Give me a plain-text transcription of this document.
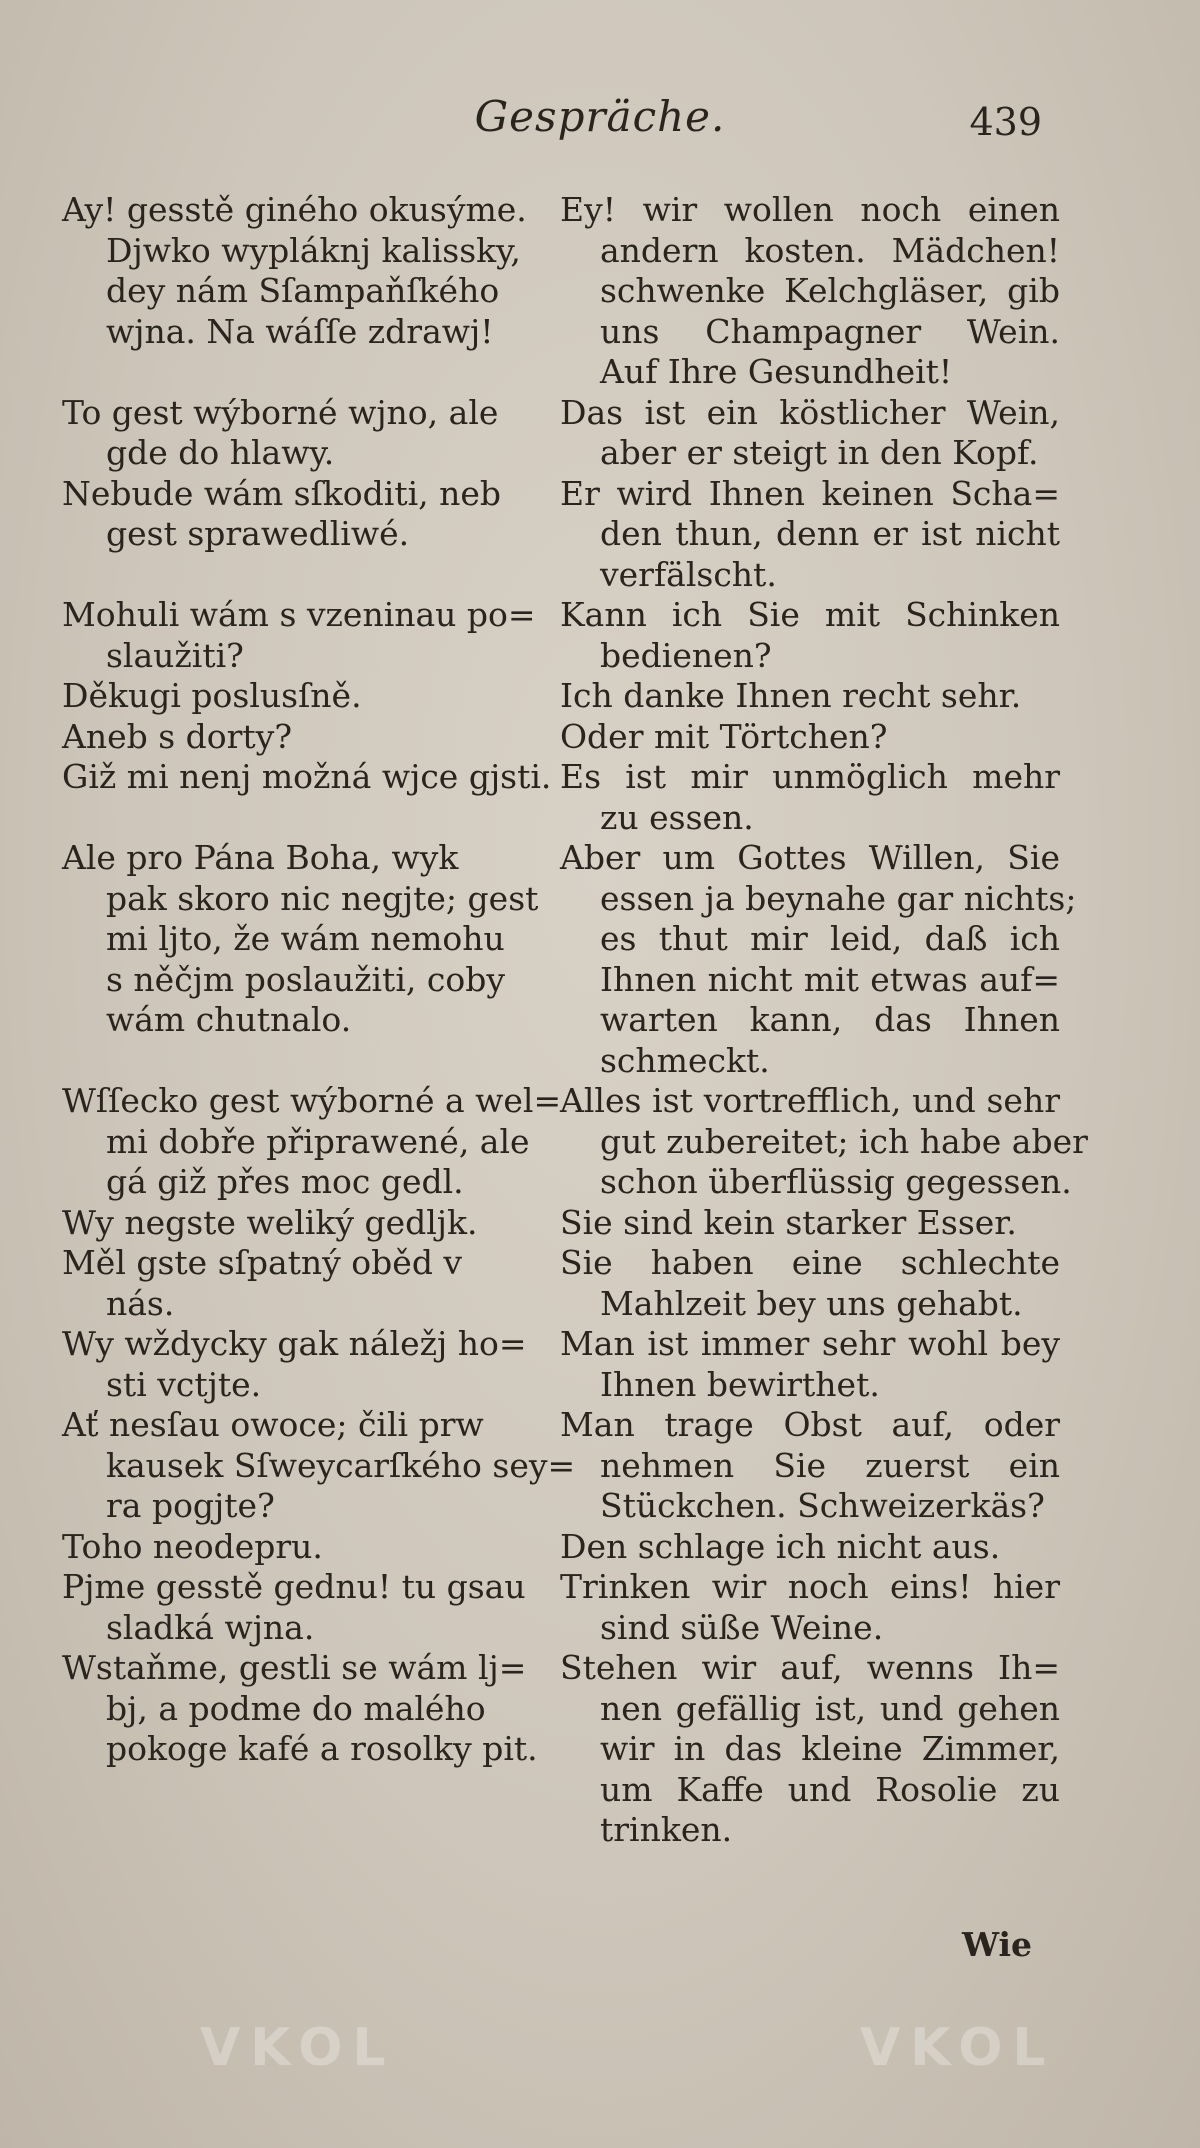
Gespräche.	439
Ay! gesstě giného okusýme.
Djwko wypláknj kalissky,
dey nám Sſampaňſkého
wjna. Na wáſſe zdrawj!
To gest wýborné wjno, ale
gde do hlawy.
Nebude wám sſkoditi, neb
gest sprawedliwé.
Mohuli wám s vzeninau po=
slaužiti?
Děkugi poslusſně.
Aneb s dorty?
Giž mi nenj možná wjce gjsti.
Ale pro Pána Boha, wyk
pak skoro nic negjte; gest
mi ljto, že wám nemohu
s něčjm poslaužiti, coby
wám chutnalo.
Wſſecko gest wýborné a wel=
mi dobře připrawené, ale
gá giž přes moc gedl.
Wy negste weliký gedljk.
Měl gste sſpatný oběd v
nás.
Wy wždycky gak náležj ho=
sti vctjte.
Ať nesſau owoce; čili prw
kausek Sſweycarſkého sey=
ra pogjte?
Toho neodepru.
Pjme gesstě gednu! tu gsau
sladká wjna.
Wstaňme, gestli se wám lj=
bj, a podme do malého
pokoge kafé a rosolky pit.
Ey! wir wollen noch einen
andern kosten. Mädchen!
schwenke Kelchgläser, gib
uns Champagner Wein.
Auf Ihre Gesundheit!
Das ist ein köstlicher Wein,
aber er steigt in den Kopf.
Er wird Ihnen keinen Scha=
den thun, denn er ist nicht
verfälscht.
Kann ich Sie mit Schinken
bedienen?
Ich danke Ihnen recht sehr.
Oder mit Törtchen?
Es ist mir unmöglich mehr
zu essen.
Aber um Gottes Willen, Sie
essen ja beynahe gar nichts;
es thut mir leid, daß ich
Ihnen nicht mit etwas auf=
warten kann, das Ihnen
schmeckt.
Alles ist vortrefflich, und sehr
gut zubereitet; ich habe aber
schon überflüssig gegessen.
Sie sind kein starker Esser.
Sie haben eine schlechte
Mahlzeit bey uns gehabt.
Man ist immer sehr wohl bey
Ihnen bewirthet.
Man trage Obst auf, oder
nehmen Sie zuerst ein
Stückchen. Schweizerkäs?
Den schlage ich nicht aus.
Trinken wir noch eins! hier
sind süße Weine.
Stehen wir auf, wenns Ih=
nen gefällig ist, und gehen
wir in das kleine Zimmer,
um Kaffe und Rosolie zu
trinken.
Wie
VKOL	VKOL
